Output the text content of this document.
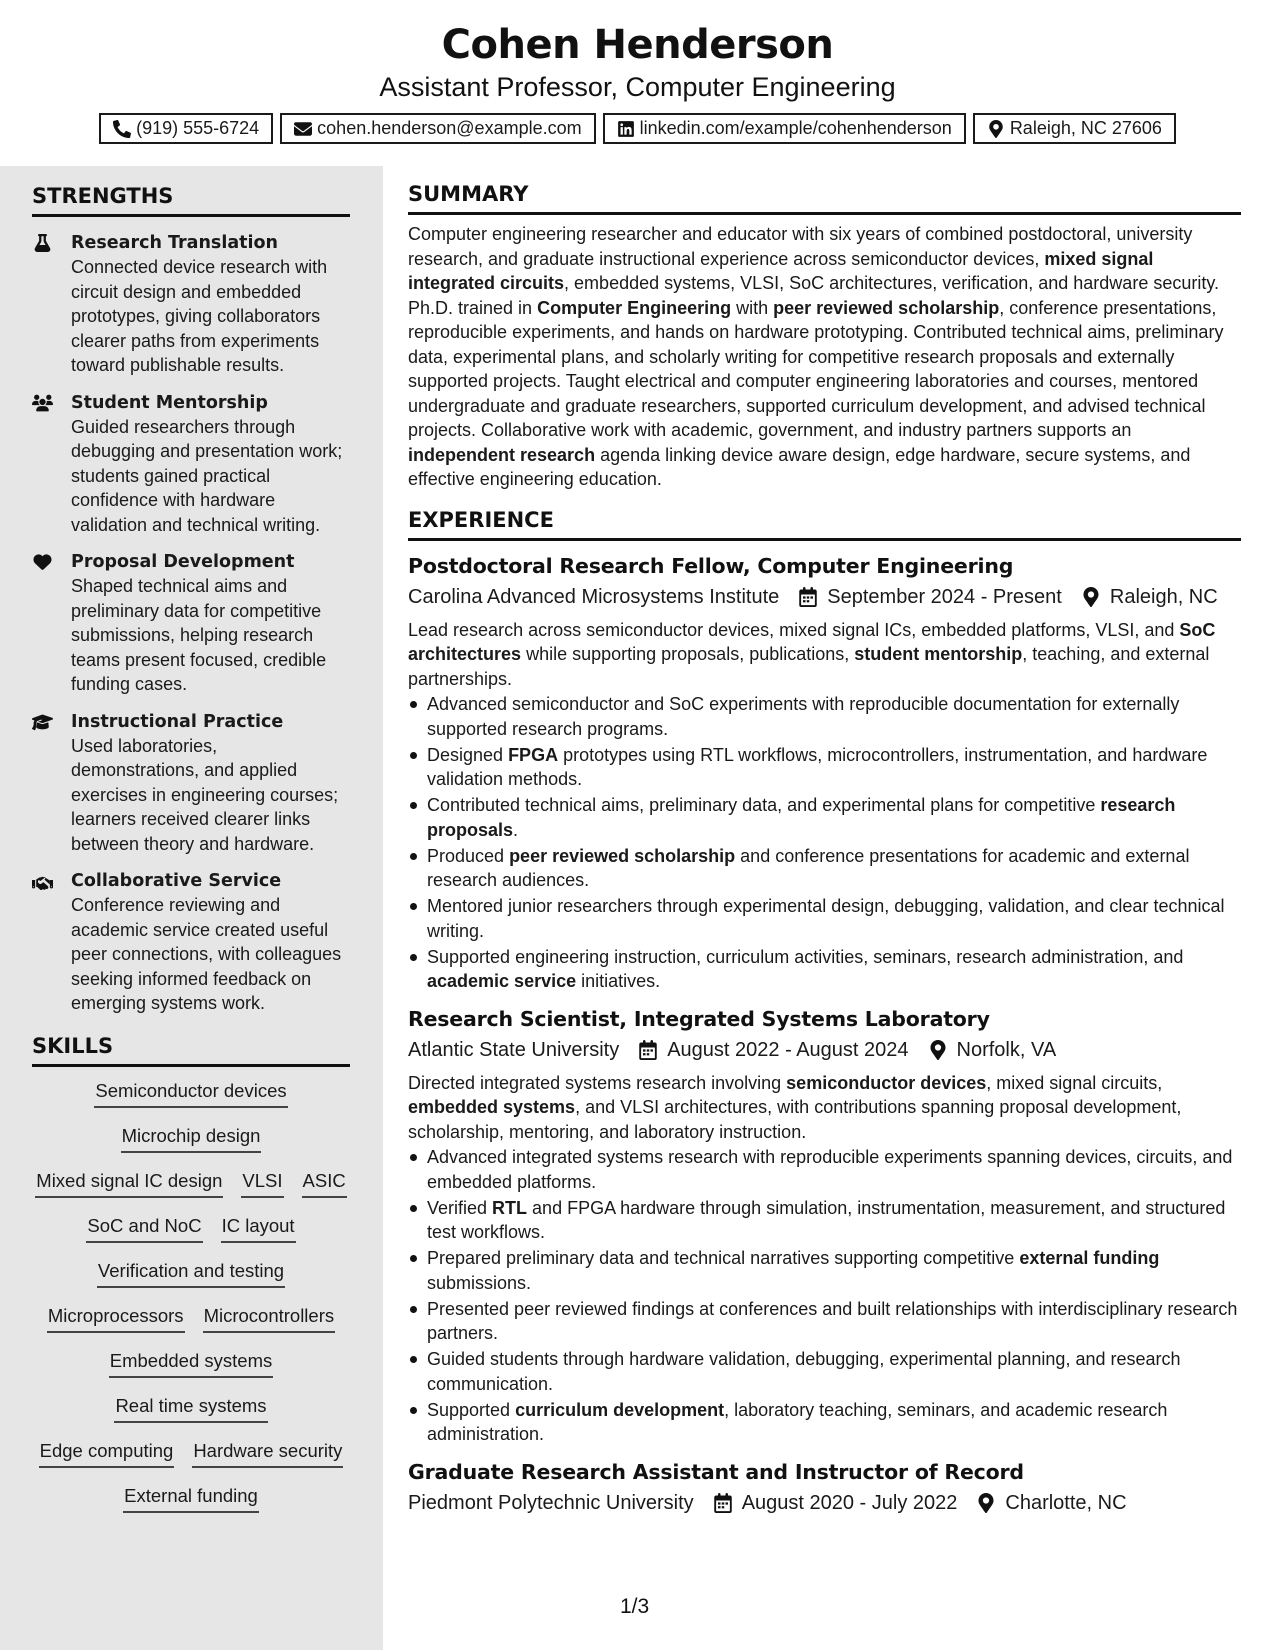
Cohen Henderson
Assistant Professor, Computer Engineering
(919) 555-6724	cohen.henderson@example.com	linkedin.com/example/cohenhenderson	Raleigh, NC 27606
STRENGTHS
Research Translation
Connected device research with circuit design and embedded prototypes, giving collaborators clearer paths from experiments toward publishable results.
Student Mentorship
Guided researchers through debugging and presentation work; students gained practical confidence with hardware validation and technical writing.
Proposal Development
Shaped technical aims and preliminary data for competitive submissions, helping research teams present focused, credible funding cases.
Instructional Practice
Used laboratories, demonstrations, and applied exercises in engineering courses; learners received clearer links between theory and hardware.
Collaborative Service
Conference reviewing and academic service created useful peer connections, with colleagues seeking informed feedback on emerging systems work.
SKILLS
Semiconductor devices
Microchip design
Mixed signal IC design VLSI ASIC
SoC and NoC IC layout
Verification and testing
Microprocessors Microcontrollers
Embedded systems
Real time systems
Edge computing Hardware security
External funding
SUMMARY
Computer engineering researcher and educator with six years of combined postdoctoral, university research, and graduate instructional experience across semiconductor devices, mixed signal integrated circuits, embedded systems, VLSI, SoC architectures, verification, and hardware security. Ph.D. trained in Computer Engineering with peer reviewed scholarship, conference presentations, reproducible experiments, and hands on hardware prototyping. Contributed technical aims, preliminary data, experimental plans, and scholarly writing for competitive research proposals and externally supported projects. Taught electrical and computer engineering laboratories and courses, mentored undergraduate and graduate researchers, supported curriculum development, and advised technical projects. Collaborative work with academic, government, and industry partners supports an independent research agenda linking device aware design, edge hardware, secure systems, and effective engineering education.
EXPERIENCE
Postdoctoral Research Fellow, Computer Engineering
Carolina Advanced Microsystems Institute September 2024 - Present Raleigh, NC
Lead research across semiconductor devices, mixed signal ICs, embedded platforms, VLSI, and SoC architectures while supporting proposals, publications, student mentorship, teaching, and external partnerships.
Advanced semiconductor and SoC experiments with reproducible documentation for externally supported research programs.
Designed FPGA prototypes using RTL workflows, microcontrollers, instrumentation, and hardware validation methods.
Contributed technical aims, preliminary data, and experimental plans for competitive research proposals.
Produced peer reviewed scholarship and conference presentations for academic and external research audiences.
Mentored junior researchers through experimental design, debugging, validation, and clear technical writing.
Supported engineering instruction, curriculum activities, seminars, research administration, and academic service initiatives.
Research Scientist, Integrated Systems Laboratory
Atlantic State University August 2022 - August 2024 Norfolk, VA
Directed integrated systems research involving semiconductor devices, mixed signal circuits, embedded systems, and VLSI architectures, with contributions spanning proposal development, scholarship, mentoring, and laboratory instruction.
Advanced integrated systems research with reproducible experiments spanning devices, circuits, and embedded platforms.
Verified RTL and FPGA hardware through simulation, instrumentation, measurement, and structured test workflows.
Prepared preliminary data and technical narratives supporting competitive external funding submissions.
Presented peer reviewed findings at conferences and built relationships with interdisciplinary research partners.
Guided students through hardware validation, debugging, experimental planning, and research communication.
Supported curriculum development, laboratory teaching, seminars, and academic research administration.
Graduate Research Assistant and Instructor of Record
Piedmont Polytechnic University August 2020 - July 2022 Charlotte, NC
1/3
